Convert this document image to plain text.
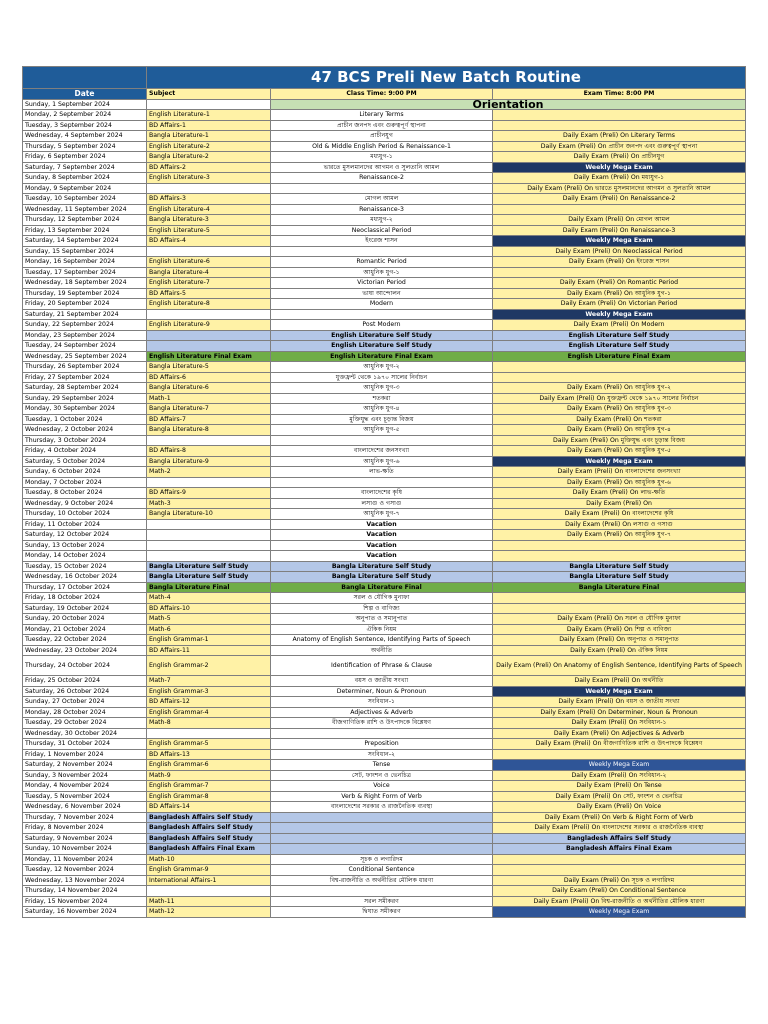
	47 BCS Preli New Batch Routine		
Date	Subject	Class Time: 9:00 PM	Exam Time: 8:00 PM
Sunday, 1 September 2024		Orientation	
Monday, 2 September 2024	English Literature-1	Literary Terms	
Tuesday, 3 September 2024	BD Affairs-1	প্রাচীন জনপদ এবং গুরুত্বপূর্ণ স্থাপনা	
Wednesday, 4 September 2024	Bangla Literature-1	প্রাচীনযুগ	Daily Exam (Preli) On Literary Terms
Thursday, 5 September 2024	English Literature-2	Old & Middle English Period & Renaissance-1	Daily Exam (Preli) On প্রাচীন জনপদ এবং গুরুত্বপূর্ণ স্থাপনা
Friday, 6 September 2024	Bangla Literature-2	মধ্যযুগ-১	Daily Exam (Preli) On প্রাচীনযুগ
Saturday, 7 September 2024	BD Affairs-2	ভারতে মুসলমানদের আগমন ও সুলতানি আমল	Weekly Mega Exam
Sunday, 8 September 2024	English Literature-3	Renaissance-2	Daily Exam (Preli) On মধ্যযুগ-১
Monday, 9 September 2024			Daily Exam (Preli) On ভারতে মুসলমানদের আগমন ও সুলতানি আমল
Tuesday, 10 September 2024	BD Affairs-3	মোগল আমল	Daily Exam (Preli) On Renaissance-2
Wednesday, 11 September 2024	English Literature-4	Renaissance-3	
Thursday, 12 September 2024	Bangla Literature-3	মধ্যযুগ-২	Daily Exam (Preli) On মোগল আমল
Friday, 13 September 2024	English Literature-5	Neoclassical Period	Daily Exam (Preli) On Renaissance-3
Saturday, 14 September 2024	BD Affairs-4	ইংরেজ শাসন	Weekly Mega Exam
Sunday, 15 September 2024			Daily Exam (Preli) On Neoclassical Period
Monday, 16 September 2024	English Literature-6	Romantic Period	Daily Exam (Preli) On ইংরেজ শাসন
Tuesday, 17 September 2024	Bangla Literature-4	আধুনিক যুগ-১	
Wednesday, 18 September 2024	English Literature-7	Victorian Period	Daily Exam (Preli) On Romantic Period
Thursday, 19 September 2024	BD Affairs-5	ভাষা আন্দোলন	Daily Exam (Preli) On আধুনিক যুগ-১
Friday, 20 September 2024	English Literature-8	Modern	Daily Exam (Preli) On Victorian Period
Saturday, 21 September 2024			Weekly Mega Exam
Sunday, 22 September 2024	English Literature-9	Post Modern	Daily Exam (Preli) On Modern
Monday, 23 September 2024		English Literature Self Study	English Literature Self Study
Tuesday, 24 September 2024		English Literature Self Study	English Literature Self Study
Wednesday, 25 September 2024	English Literature Final Exam	English Literature Final Exam	English Literature Final Exam
Thursday, 26 September 2024	Bangla Literature-5	আধুনিক যুগ-২	
Friday, 27 September 2024	BD Affairs-6	যুক্তফ্রন্ট থেকে ১৯৭০ সালের নির্বাচন	
Saturday, 28 September 2024	Bangla Literature-6	আধুনিক যুগ-৩	Daily Exam (Preli) On আধুনিক যুগ-২
Sunday, 29 September 2024	Math-1	শতকরা	Daily Exam (Preli) On যুক্তফ্রন্ট থেকে ১৯৭০ সালের নির্বাচন
Monday, 30 September 2024	Bangla Literature-7	আধুনিক যুগ-৪	Daily Exam (Preli) On আধুনিক যুগ-৩
Tuesday, 1 October 2024	BD Affairs-7	মুক্তিযুদ্ধ এবং চূড়ান্ত বিজয়	Daily Exam (Preli) On শতকরা
Wednesday, 2 October 2024	Bangla Literature-8	আধুনিক যুগ-৫	Daily Exam (Preli) On আধুনিক যুগ-৪
Thursday, 3 October 2024			Daily Exam (Preli) On মুক্তিযুদ্ধ এবং চূড়ান্ত বিজয়
Friday, 4 October 2024	BD Affairs-8	বাংলাদেশের জনসংখ্যা	Daily Exam (Preli) On আধুনিক যুগ-৫
Saturday, 5 October 2024	Bangla Literature-9	আধুনিক যুগ-৬	Weekly Mega Exam
Sunday, 6 October 2024	Math-2	লাভ-ক্ষতি	Daily Exam (Preli) On বাংলাদেশের জনসংখ্যা
Monday, 7 October 2024			Daily Exam (Preli) On আধুনিক যুগ-৬
Tuesday, 8 October 2024	BD Affairs-9	বাংলাদেশের কৃষি	Daily Exam (Preli) On লাভ-ক্ষতি
Wednesday, 9 October 2024	Math-3	লসাগু ও গসাগু	Daily Exam (Preli) On
Thursday, 10 October 2024	Bangla Literature-10	আধুনিক যুগ-৭	Daily Exam (Preli) On বাংলাদেশের কৃষি
Friday, 11 October 2024		Vacation	Daily Exam (Preli) On লসাগু ও গসাগু
Saturday, 12 October 2024		Vacation	Daily Exam (Preli) On আধুনিক যুগ-৭
Sunday, 13 October 2024		Vacation	
Monday, 14 October 2024		Vacation	
Tuesday, 15 October 2024	Bangla Literature Self Study	Bangla Literature Self Study	Bangla Literature Self Study
Wednesday, 16 October 2024	Bangla Literature Self Study	Bangla Literature Self Study	Bangla Literature Self Study
Thursday, 17 October 2024	Bangla Literature Final	Bangla Literature Final	Bangla Literature Final
Friday, 18 October 2024	Math-4	সরল ও যৌগিক মুনাফা	
Saturday, 19 October 2024	BD Affairs-10	শিল্প ও বাণিজ্য	
Sunday, 20 October 2024	Math-5	অনুপাত ও সমানুপাত	Daily Exam (Preli) On সরল ও যৌগিক মুনাফা
Monday, 21 October 2024	Math-6	ঐকিক নিয়ম	Daily Exam (Preli) On শিল্প ও বাণিজ্য
Tuesday, 22 October 2024	English Grammar-1	Anatomy of English Sentence, Identifying Parts of Speech	Daily Exam (Preli) On অনুপাত ও সমানুপাত
Wednesday, 23 October 2024	BD Affairs-11	অর্থনীতি	Daily Exam (Preli) On ঐকিক নিয়ম
Thursday, 24 October 2024	English Grammar-2	Identification of Phrase & Clause	Daily Exam (Preli) On Anatomy of English Sentence, Identifying Parts of Speech
Friday, 25 October 2024	Math-7	বয়স ও জাতীয় সংখ্যা	Daily Exam (Preli) On অর্থনীতি
Saturday, 26 October 2024	English Grammar-3	Determiner, Noun & Pronoun	Weekly Mega Exam
Sunday, 27 October 2024	BD Affairs-12	সংবিধান-১	Daily Exam (Preli) On বয়স ও জাতীয় সংখ্যা
Monday, 28 October 2024	English Grammar-4	Adjectives & Adverb	Daily Exam (Preli) On Determiner, Noun & Pronoun
Tuesday, 29 October 2024	Math-8	বীজগাণিতিক রাশি ও উৎপাদকে বিশ্লেষণ	Daily Exam (Preli) On সংবিধান-১
Wednesday, 30 October 2024			Daily Exam (Preli) On Adjectives & Adverb
Thursday, 31 October 2024	English Grammar-5	Preposition	Daily Exam (Preli) On বীজগাণিতিক রাশি ও উৎপাদকে বিশ্লেষণ
Friday, 1 November 2024	BD Affairs-13	সংবিধান-২	
Saturday, 2 November 2024	English Grammar-6	Tense	Weekly Mega Exam
Sunday, 3 November 2024	Math-9	সেট, ফাংশন ও ভেনচিত্র	Daily Exam (Preli) On সংবিধান-২
Monday, 4 November 2024	English Grammar-7	Voice	Daily Exam (Preli) On Tense
Tuesday, 5 November 2024	English Grammar-8	Verb & Right Form of Verb	Daily Exam (Preli) On সেট, ফাংশন ও ভেনচিত্র
Wednesday, 6 November 2024	BD Affairs-14	বাংলাদেশের সরকার ও রাজনৈতিক ব্যবস্থা	Daily Exam (Preli) On Voice
Thursday, 7 November 2024	Bangladesh Affairs Self Study		Daily Exam (Preli) On Verb & Right Form of Verb
Friday, 8 November 2024	Bangladesh Affairs Self Study		Daily Exam (Preli) On বাংলাদেশের সরকার ও রাজনৈতিক ব্যবস্থা
Saturday, 9 November 2024	Bangladesh Affairs Self Study		Bangladesh Affairs Self Study
Sunday, 10 November 2024	Bangladesh Affairs Final Exam		Bangladesh Affairs Final Exam
Monday, 11 November 2024	Math-10	সূচক ও লগারিদম	
Tuesday, 12 November 2024	English Grammar-9	Conditional Sentence	
Wednesday, 13 November 2024	International Affairs-1	বিশ্ব-রাজনীতি ও অর্থনীতির মৌলিক ধারণা	Daily Exam (Preli) On সূচক ও লগারিদম
Thursday, 14 November 2024			Daily Exam (Preli) On Conditional Sentence
Friday, 15 November 2024	Math-11	সরল সমীকরণ	Daily Exam (Preli) On বিশ্ব-রাজনীতি ও অর্থনীতির মৌলিক ধারণা
Saturday, 16 November 2024	Math-12	দ্বিঘাত সমীকরণ	Weekly Mega Exam
